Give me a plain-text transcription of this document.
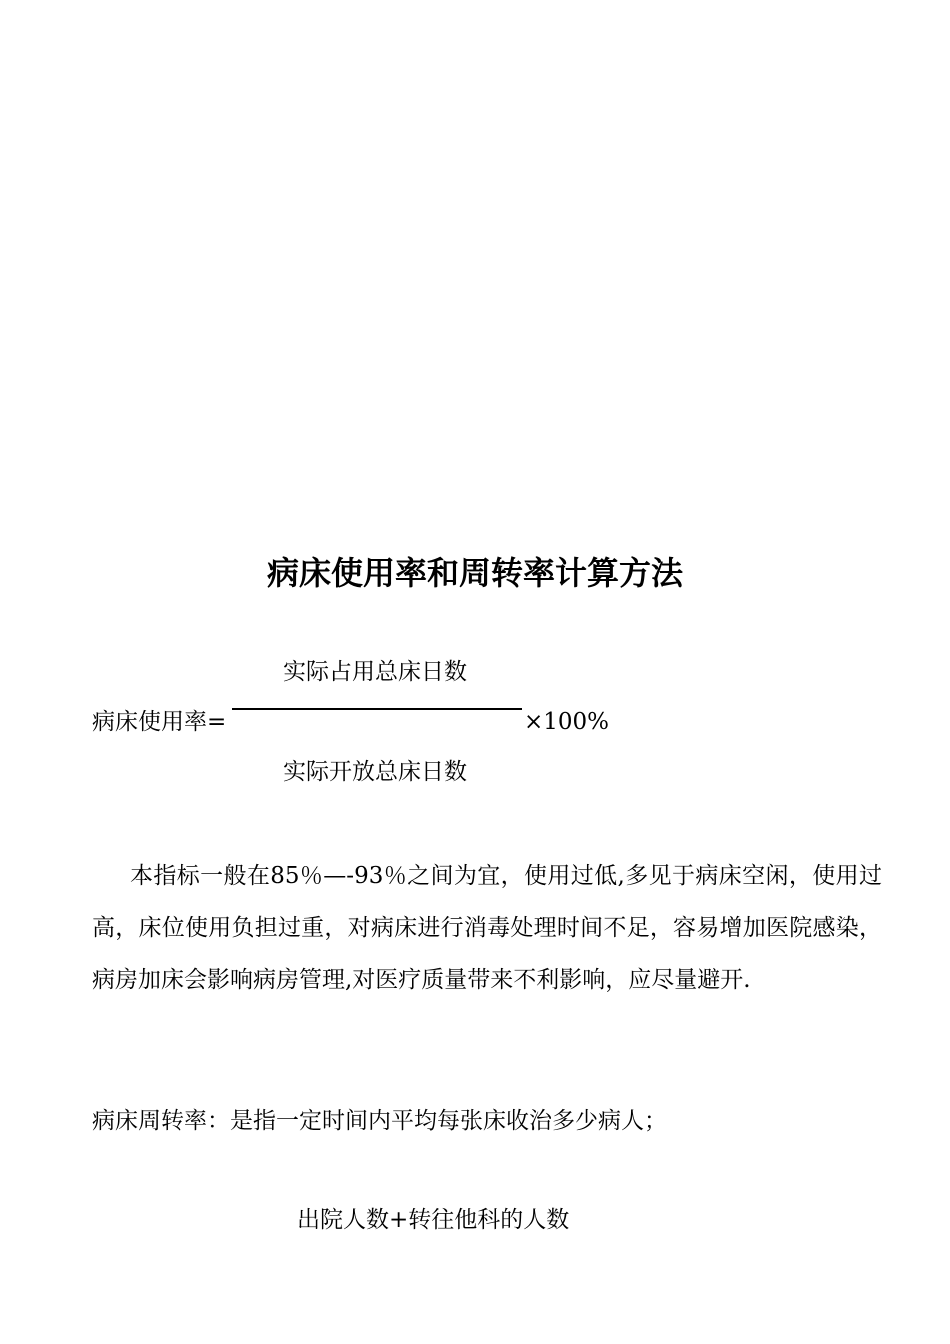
病床使用率和周转率计算方法
实际占用总床日数
病床使用率=	×100%
实际开放总床日数
本指标一般在85％—-93％之间为宜，使用过低,多见于病床空闲，使用过高，床位使用负担过重，对病床进行消毒处理时间不足，容易增加医院感染，病房加床会影响病房管理,对医疗质量带来不利影响，应尽量避开.
病床周转率：是指一定时间内平均每张床收治多少病人；
出院人数+转往他科的人数
